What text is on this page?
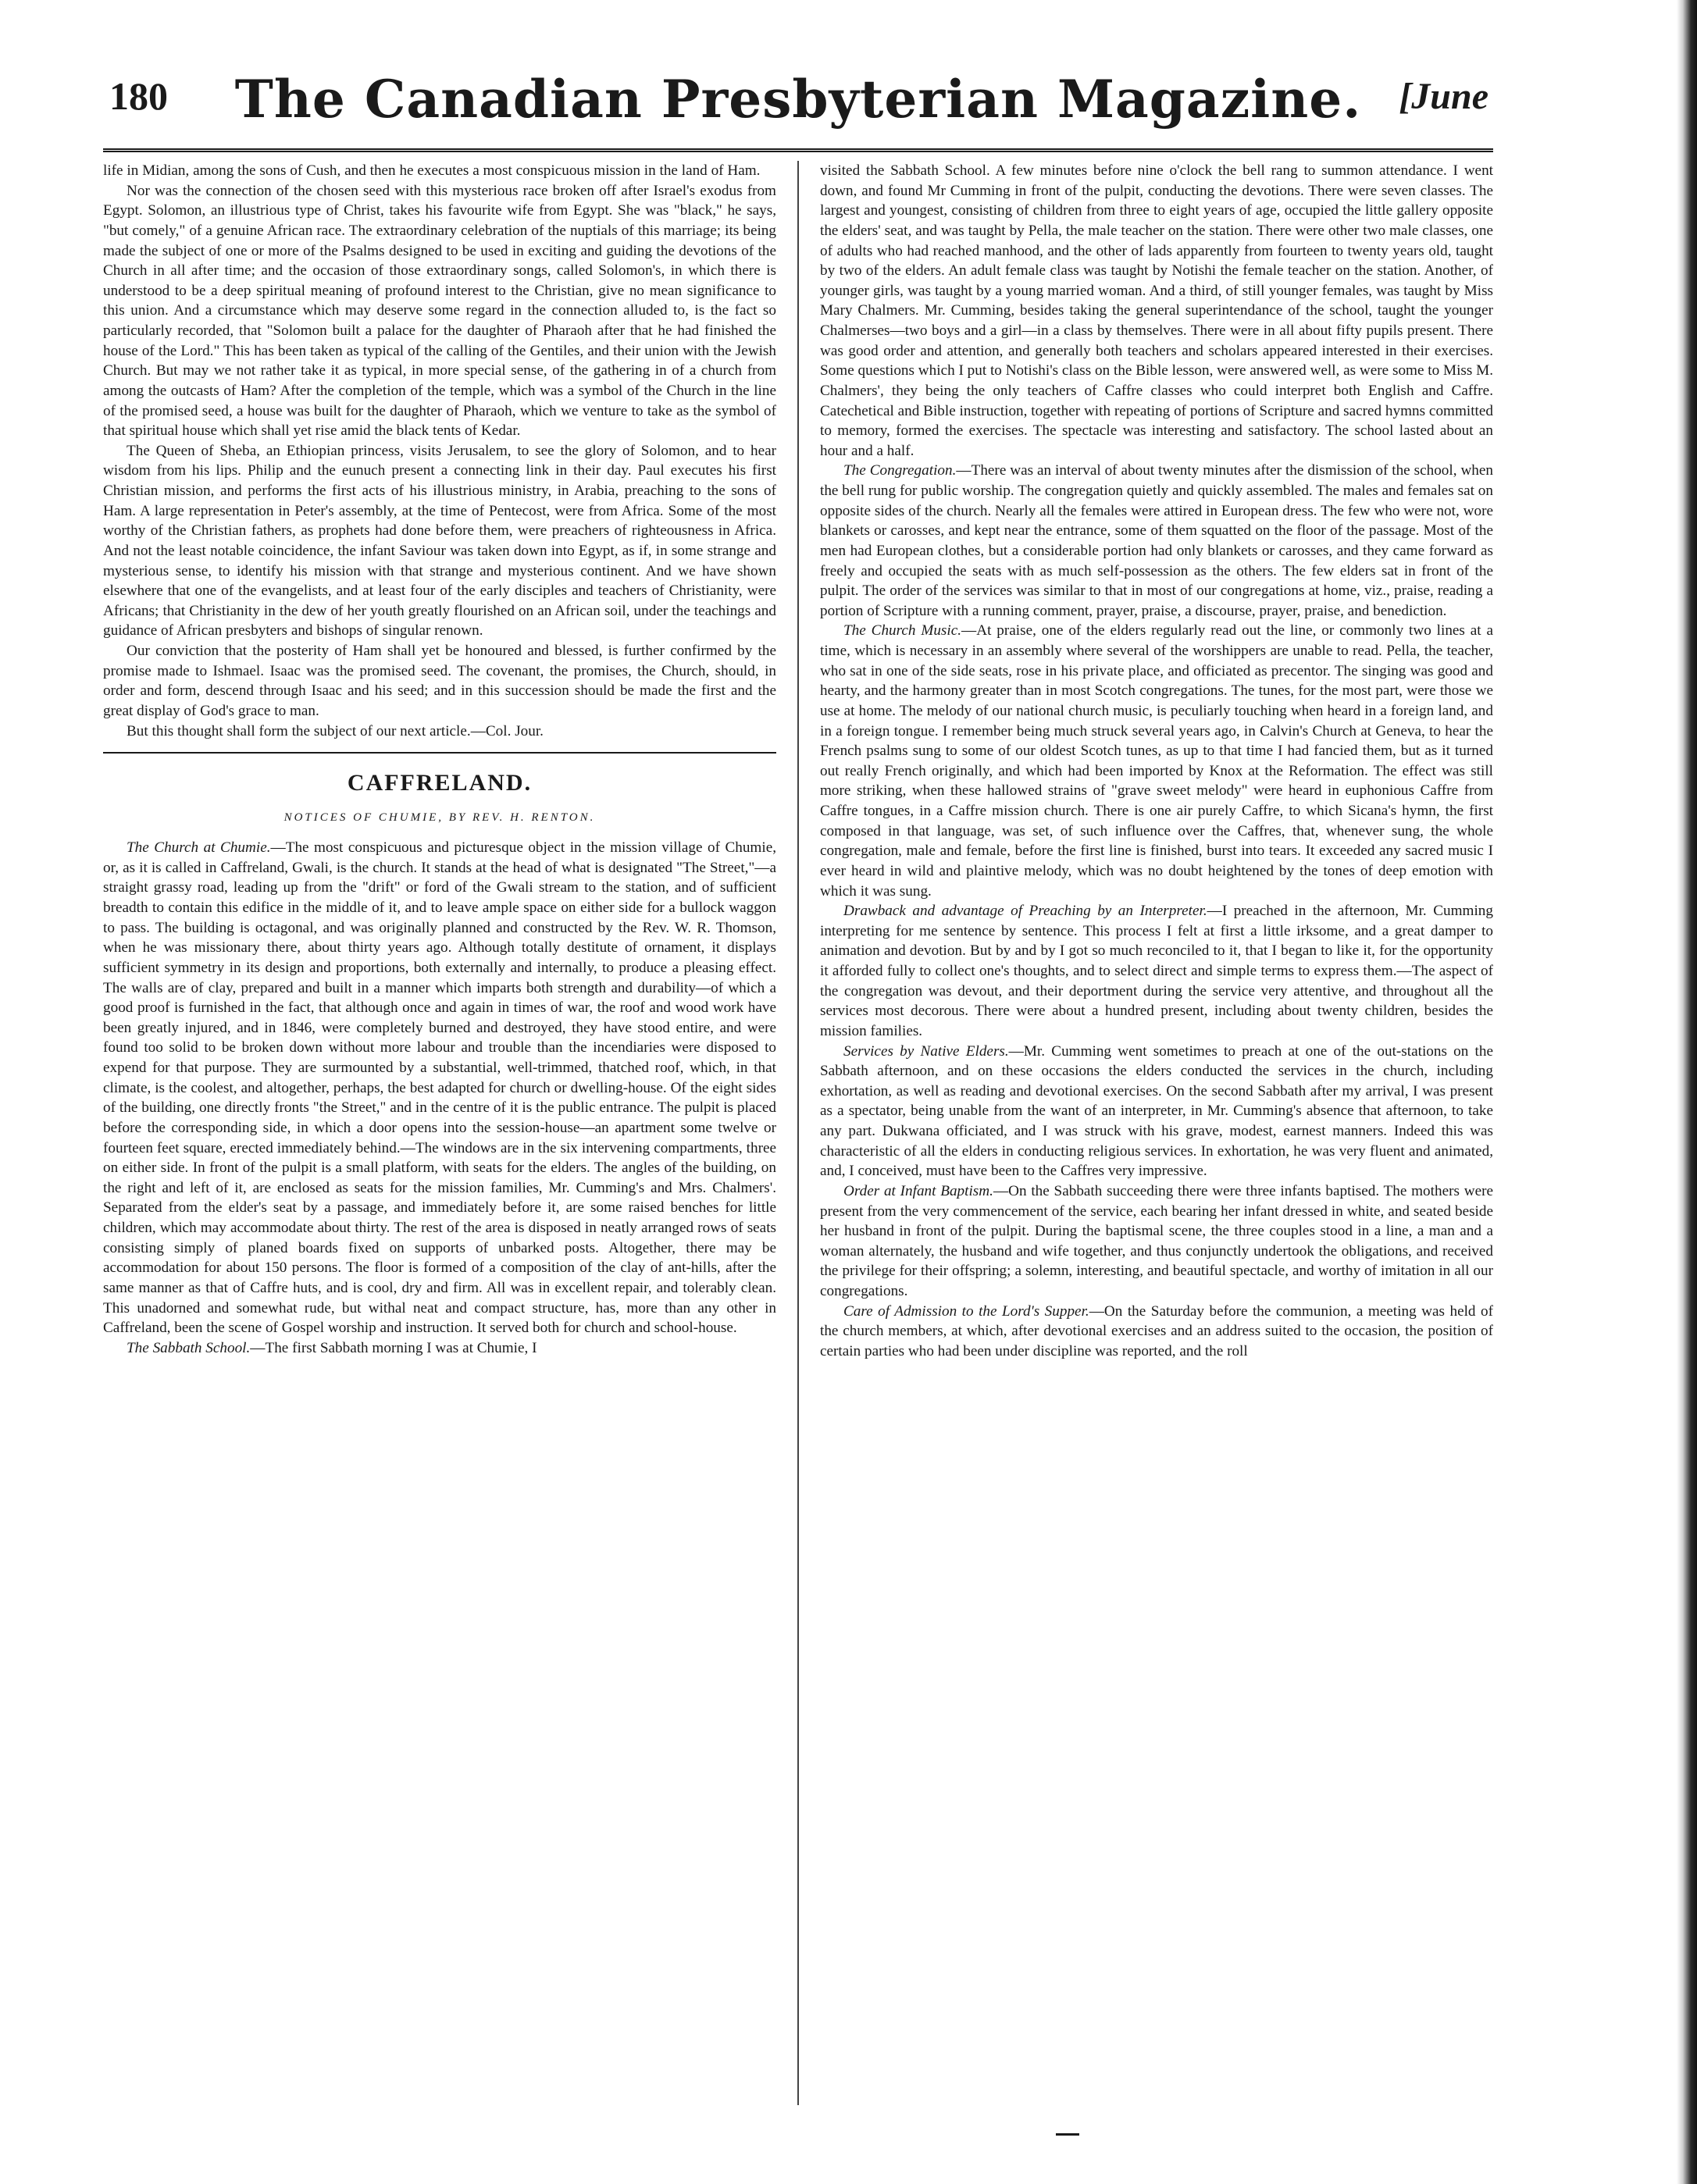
180	The Canadian Presbyterian Magazine.	[June

life in Midian, among the sons of Cush, and then he executes a most conspicuous mission in the land of Ham.

Nor was the connection of the chosen seed with this mysterious race broken off after Israel's exodus from Egypt. Solomon, an illustrious type of Christ, takes his favourite wife from Egypt. She was "black," he says, "but comely," of a genuine African race. The extraordinary celebration of the nuptials of this marriage; its being made the subject of one or more of the Psalms designed to be used in exciting and guiding the devotions of the Church in all after time; and the occasion of those extraordinary songs, called Solomon's, in which there is understood to be a deep spiritual meaning of profound interest to the Christian, give no mean significance to this union. And a circumstance which may deserve some regard in the connection alluded to, is the fact so particularly recorded, that "Solomon built a palace for the daughter of Pharaoh after that he had finished the house of the Lord." This has been taken as typical of the calling of the Gentiles, and their union with the Jewish Church. But may we not rather take it as typical, in more special sense, of the gathering in of a church from among the outcasts of Ham? After the completion of the temple, which was a symbol of the Church in the line of the promised seed, a house was built for the daughter of Pharaoh, which we venture to take as the symbol of that spiritual house which shall yet rise amid the black tents of Kedar.

The Queen of Sheba, an Ethiopian princess, visits Jerusalem, to see the glory of Solomon, and to hear wisdom from his lips. Philip and the eunuch present a connecting link in their day. Paul executes his first Christian mission, and performs the first acts of his illustrious ministry, in Arabia, preaching to the sons of Ham. A large representation in Peter's assembly, at the time of Pentecost, were from Africa. Some of the most worthy of the Christian fathers, as prophets had done before them, were preachers of righteousness in Africa. And not the least notable coincidence, the infant Saviour was taken down into Egypt, as if, in some strange and mysterious sense, to identify his mission with that strange and mysterious continent. And we have shown elsewhere that one of the evangelists, and at least four of the early disciples and teachers of Christianity, were Africans; that Christianity in the dew of her youth greatly flourished on an African soil, under the teachings and guidance of African presbyters and bishops of singular renown.

Our conviction that the posterity of Ham shall yet be honoured and blessed, is further confirmed by the promise made to Ishmael. Isaac was the promised seed. The covenant, the promises, the Church, should, in order and form, descend through Isaac and his seed; and in this succession should be made the first and the great display of God's grace to man.

But this thought shall form the subject of our next article.—Col. Jour.

CAFFRELAND.
NOTICES OF CHUMIE, BY REV. H. RENTON.

The Church at Chumie.—The most conspicuous and picturesque object in the mission village of Chumie, or, as it is called in Caffreland, Gwali, is the church. It stands at the head of what is designated "The Street,"—a straight grassy road, leading up from the "drift" or ford of the Gwali stream to the station, and of sufficient breadth to contain this edifice in the middle of it, and to leave ample space on either side for a bullock waggon to pass. The building is octagonal, and was originally planned and constructed by the Rev. W. R. Thomson, when he was missionary there, about thirty years ago. Although totally destitute of ornament, it displays sufficient symmetry in its design and proportions, both externally and internally, to produce a pleasing effect. The walls are of clay, prepared and built in a manner which imparts both strength and durability—of which a good proof is furnished in the fact, that although once and again in times of war, the roof and wood work have been greatly injured, and in 1846, were completely burned and destroyed, they have stood entire, and were found too solid to be broken down without more labour and trouble than the incendiaries were disposed to expend for that purpose. They are surmounted by a substantial, well-trimmed, thatched roof, which, in that climate, is the coolest, and altogether, perhaps, the best adapted for church or dwelling-house. Of the eight sides of the building, one directly fronts "the Street," and in the centre of it is the public entrance. The pulpit is placed before the corresponding side, in which a door opens into the session-house—an apartment some twelve or fourteen feet square, erected immediately behind.—The windows are in the six intervening compartments, three on either side. In front of the pulpit is a small platform, with seats for the elders. The angles of the building, on the right and left of it, are enclosed as seats for the mission families, Mr. Cumming's and Mrs. Chalmers'. Separated from the elder's seat by a passage, and immediately before it, are some raised benches for little children, which may accommodate about thirty. The rest of the area is disposed in neatly arranged rows of seats consisting simply of planed boards fixed on supports of unbarked posts. Altogether, there may be accommodation for about 150 persons. The floor is formed of a composition of the clay of ant-hills, after the same manner as that of Caffre huts, and is cool, dry and firm. All was in excellent repair, and tolerably clean. This unadorned and somewhat rude, but withal neat and compact structure, has, more than any other in Caffreland, been the scene of Gospel worship and instruction. It served both for church and school-house.

The Sabbath School.—The first Sabbath morning I was at Chumie, I

visited the Sabbath School. A few minutes before nine o'clock the bell rang to summon attendance. I went down, and found Mr Cumming in front of the pulpit, conducting the devotions. There were seven classes. The largest and youngest, consisting of children from three to eight years of age, occupied the little gallery opposite the elders' seat, and was taught by Pella, the male teacher on the station. There were other two male classes, one of adults who had reached manhood, and the other of lads apparently from fourteen to twenty years old, taught by two of the elders. An adult female class was taught by Notishi the female teacher on the station. Another, of younger girls, was taught by a young married woman. And a third, of still younger females, was taught by Miss Mary Chalmers. Mr. Cumming, besides taking the general superintendance of the school, taught the younger Chalmerses—two boys and a girl—in a class by themselves. There were in all about fifty pupils present. There was good order and attention, and generally both teachers and scholars appeared interested in their exercises. Some questions which I put to Notishi's class on the Bible lesson, were answered well, as were some to Miss M. Chalmers', they being the only teachers of Caffre classes who could interpret both English and Caffre. Catechetical and Bible instruction, together with repeating of portions of Scripture and sacred hymns committed to memory, formed the exercises. The spectacle was interesting and satisfactory. The school lasted about an hour and a half.

The Congregation.—There was an interval of about twenty minutes after the dismission of the school, when the bell rung for public worship. The congregation quietly and quickly assembled. The males and females sat on opposite sides of the church. Nearly all the females were attired in European dress. The few who were not, wore blankets or carosses, and kept near the entrance, some of them squatted on the floor of the passage. Most of the men had European clothes, but a considerable portion had only blankets or carosses, and they came forward as freely and occupied the seats with as much self-possession as the others. The few elders sat in front of the pulpit. The order of the services was similar to that in most of our congregations at home, viz., praise, reading a portion of Scripture with a running comment, prayer, praise, a discourse, prayer, praise, and benediction.

The Church Music.—At praise, one of the elders regularly read out the line, or commonly two lines at a time, which is necessary in an assembly where several of the worshippers are unable to read. Pella, the teacher, who sat in one of the side seats, rose in his private place, and officiated as precentor. The singing was good and hearty, and the harmony greater than in most Scotch congregations. The tunes, for the most part, were those we use at home. The melody of our national church music, is peculiarly touching when heard in a foreign land, and in a foreign tongue. I remember being much struck several years ago, in Calvin's Church at Geneva, to hear the French psalms sung to some of our oldest Scotch tunes, as up to that time I had fancied them, but as it turned out really French originally, and which had been imported by Knox at the Reformation. The effect was still more striking, when these hallowed strains of "grave sweet melody" were heard in euphonious Caffre from Caffre tongues, in a Caffre mission church. There is one air purely Caffre, to which Sicana's hymn, the first composed in that language, was set, of such influence over the Caffres, that, whenever sung, the whole congregation, male and female, before the first line is finished, burst into tears. It exceeded any sacred music I ever heard in wild and plaintive melody, which was no doubt heightened by the tones of deep emotion with which it was sung.

Drawback and advantage of Preaching by an Interpreter.—I preached in the afternoon, Mr. Cumming interpreting for me sentence by sentence. This process I felt at first a little irksome, and a great damper to animation and devotion. But by and by I got so much reconciled to it, that I began to like it, for the opportunity it afforded fully to collect one's thoughts, and to select direct and simple terms to express them.—The aspect of the congregation was devout, and their deportment during the service very attentive, and throughout all the services most decorous. There were about a hundred present, including about twenty children, besides the mission families.

Services by Native Elders.—Mr. Cumming went sometimes to preach at one of the out-stations on the Sabbath afternoon, and on these occasions the elders conducted the services in the church, including exhortation, as well as reading and devotional exercises. On the second Sabbath after my arrival, I was present as a spectator, being unable from the want of an interpreter, in Mr. Cumming's absence that afternoon, to take any part. Dukwana officiated, and I was struck with his grave, modest, earnest manners. Indeed this was characteristic of all the elders in conducting religious services. In exhortation, he was very fluent and animated, and, I conceived, must have been to the Caffres very impressive.

Order at Infant Baptism.—On the Sabbath succeeding there were three infants baptised. The mothers were present from the very commencement of the service, each bearing her infant dressed in white, and seated beside her husband in front of the pulpit. During the baptismal scene, the three couples stood in a line, a man and a woman alternately, the husband and wife together, and thus conjunctly undertook the obligations, and received the privilege for their offspring; a solemn, interesting, and beautiful spectacle, and worthy of imitation in all our congregations.

Care of Admission to the Lord's Supper.—On the Saturday before the communion, a meeting was held of the church members, at which, after devotional exercises and an address suited to the occasion, the position of certain parties who had been under discipline was reported, and the roll
